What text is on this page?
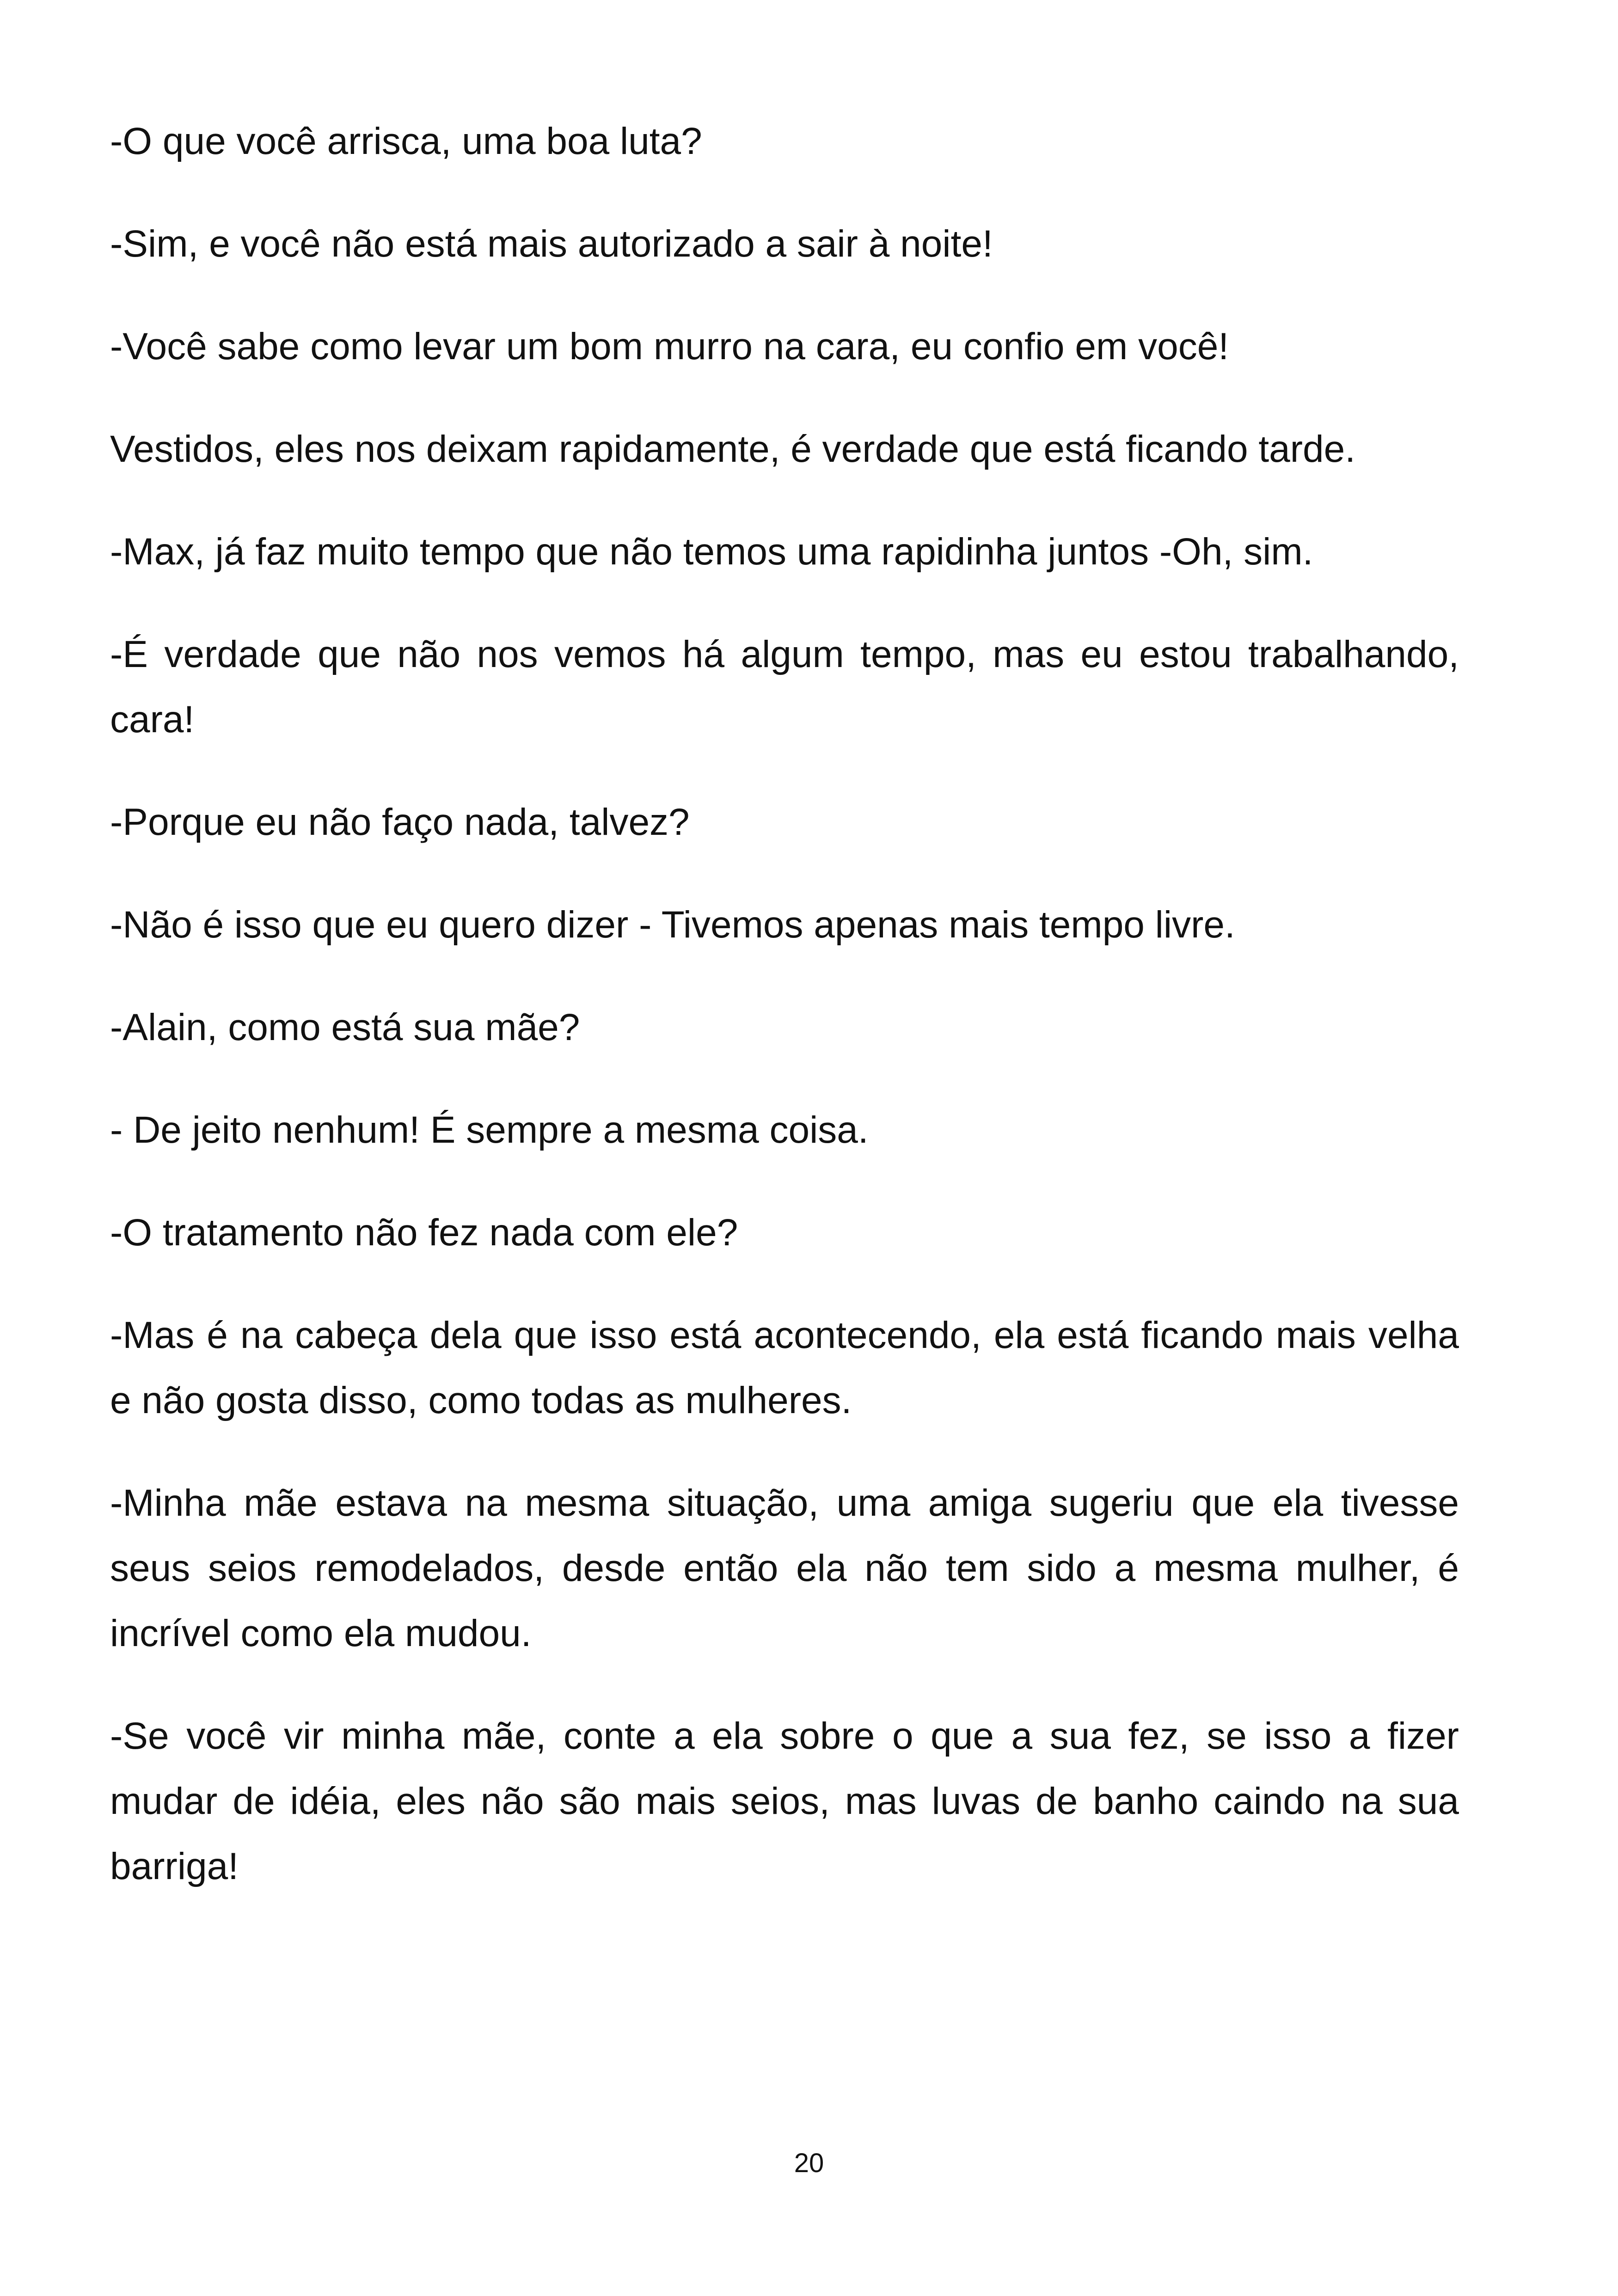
-O que você arrisca, uma boa luta?

-Sim, e você não está mais autorizado a sair à noite!

-Você sabe como levar um bom murro na cara, eu confio em você!

Vestidos, eles nos deixam rapidamente, é verdade que está ficando tarde.

-Max, já faz muito tempo que não temos uma rapidinha juntos -Oh, sim.

-É verdade que não nos vemos há algum tempo, mas eu estou trabalhando, cara!

-Porque eu não faço nada, talvez?

-Não é isso que eu quero dizer - Tivemos apenas mais tempo livre.

-Alain, como está sua mãe?

- De jeito nenhum! É sempre a mesma coisa.

-O tratamento não fez nada com ele?

-Mas é na cabeça dela que isso está acontecendo, ela está ficando mais velha e não gosta disso, como todas as mulheres.

-Minha mãe estava na mesma situação, uma amiga sugeriu que ela tivesse seus seios remodelados, desde então ela não tem sido a mesma mulher, é incrível como ela mudou.

-Se você vir minha mãe, conte a ela sobre o que a sua fez, se isso a fizer mudar de idéia, eles não são mais seios, mas luvas de banho caindo na sua barriga!

20
